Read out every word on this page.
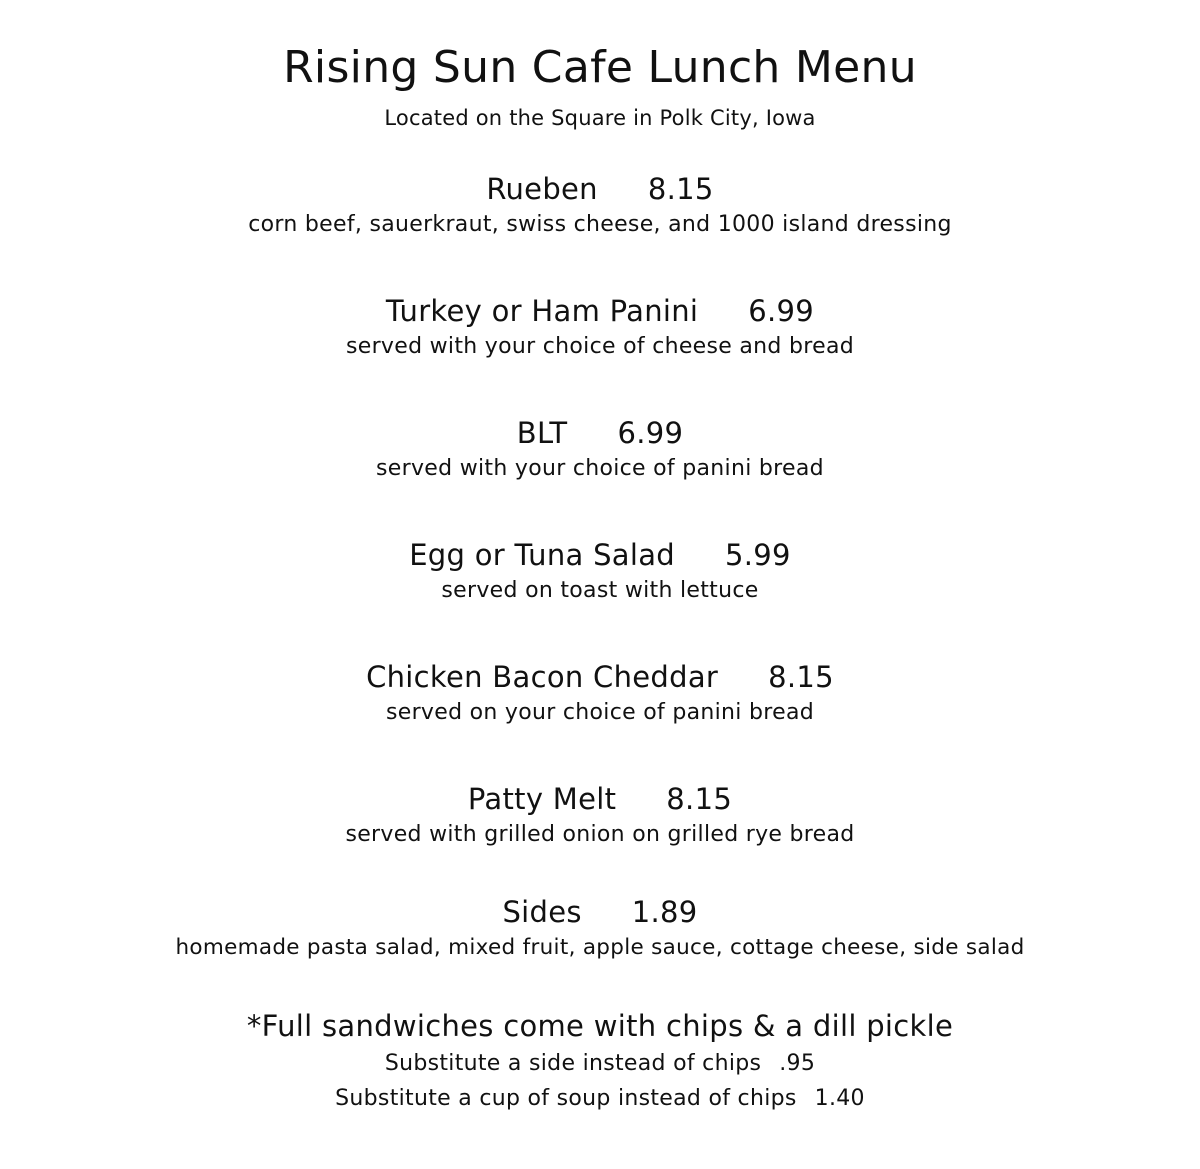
Rising Sun Cafe Lunch Menu
Located on the Square in Polk City, Iowa
Rueben 8.15
corn beef, sauerkraut, swiss cheese, and 1000 island dressing
Turkey or Ham Panini 6.99
served with your choice of cheese and bread
BLT 6.99
served with your choice of panini bread
Egg or Tuna Salad 5.99
served on toast with lettuce
Chicken Bacon Cheddar 8.15
served on your choice of panini bread
Patty Melt 8.15
served with grilled onion on grilled rye bread
Sides 1.89
homemade pasta salad, mixed fruit, apple sauce, cottage cheese, side salad
*Full sandwiches come with chips & a dill pickle
Substitute a side instead of chips .95
Substitute a cup of soup instead of chips 1.40
